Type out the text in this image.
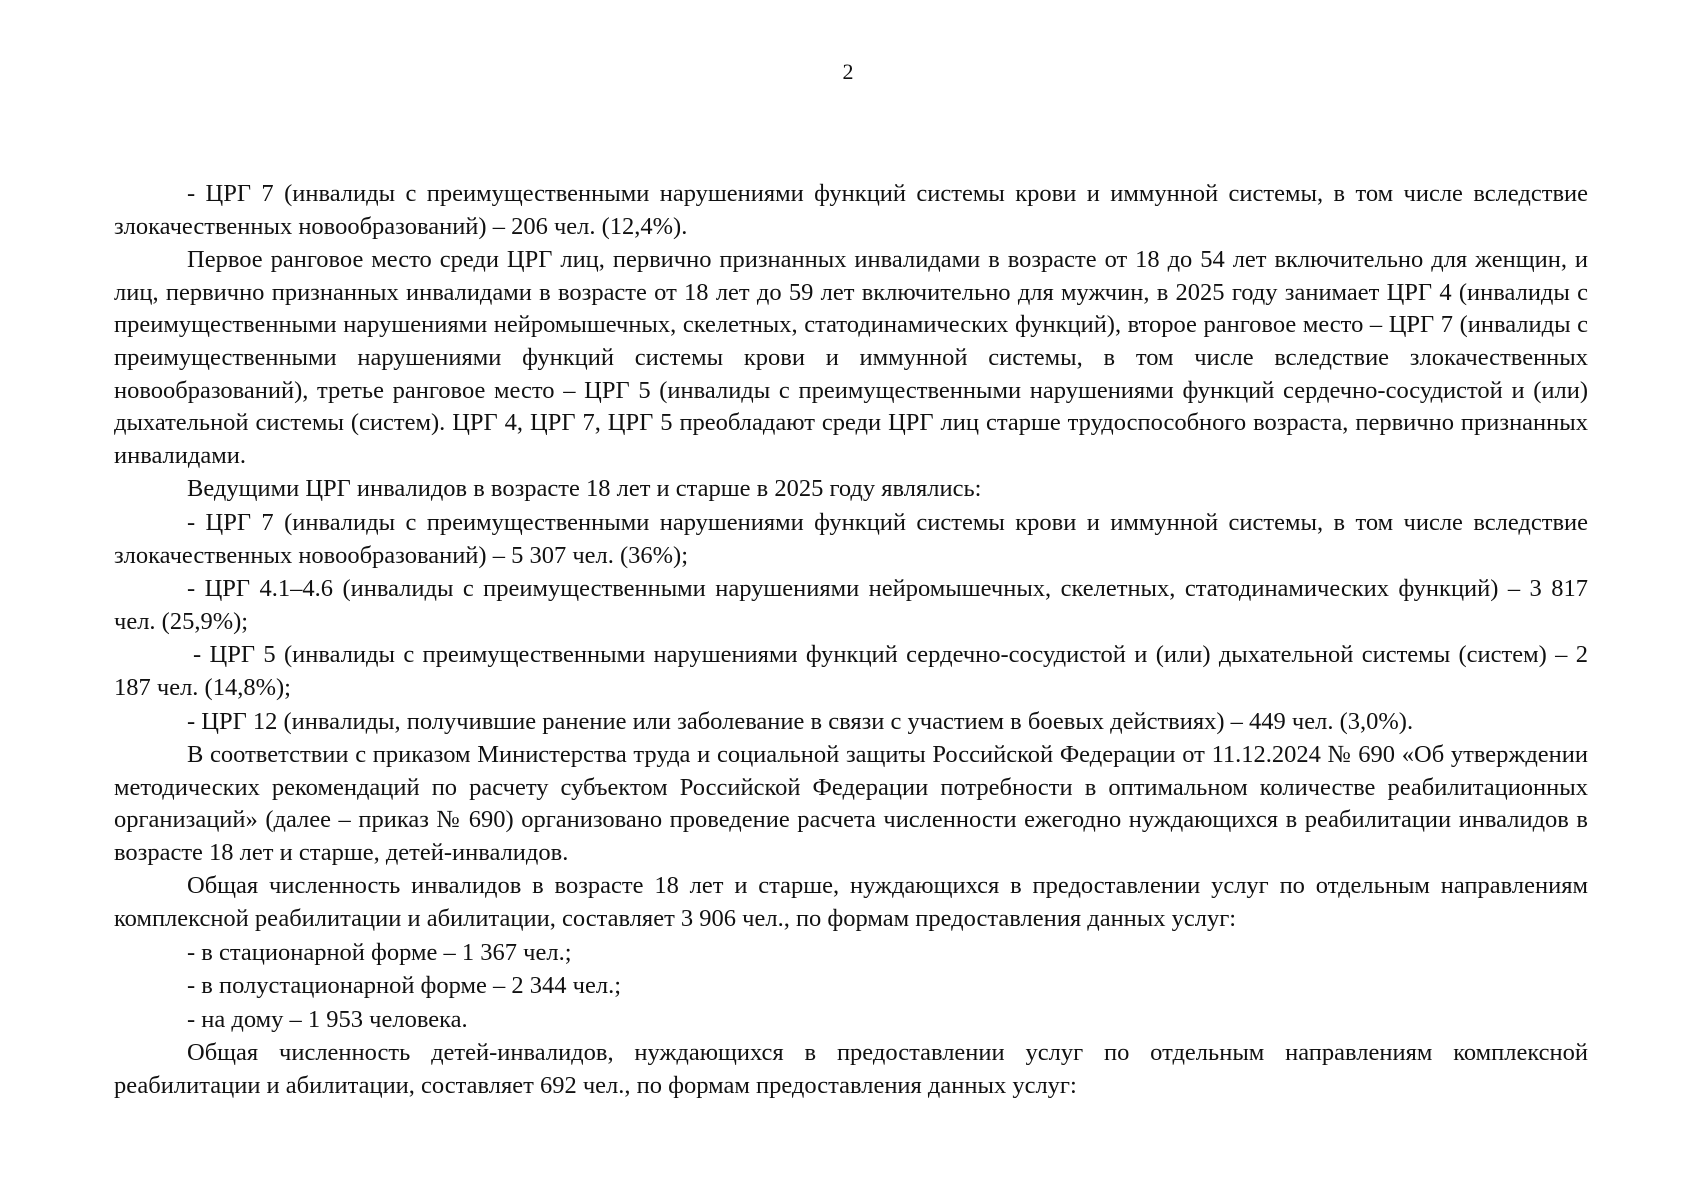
2

- ЦРГ 7 (инвалиды с преимущественными нарушениями функций системы крови и иммунной системы, в том числе вследствие злокачественных новообразований) – 206 чел. (12,4%).

Первое ранговое место среди ЦРГ лиц, первично признанных инвалидами в возрасте от 18 до 54 лет включительно для женщин, и лиц, первично признанных инвалидами в возрасте от 18 лет до 59 лет включительно для мужчин, в 2025 году занимает ЦРГ 4 (инвалиды с преимущественными нарушениями нейромышечных, скелетных, статодинамических функций), второе ранговое место – ЦРГ 7 (инвалиды с преимущественными нарушениями функций системы крови и иммунной системы, в том числе вследствие злокачественных новообразований), третье ранговое место – ЦРГ 5 (инвалиды с преимущественными нарушениями функций сердечно-сосудистой и (или) дыхательной системы (систем). ЦРГ 4, ЦРГ 7, ЦРГ 5 преобладают среди ЦРГ лиц старше трудоспособного возраста, первично признанных инвалидами.

Ведущими ЦРГ инвалидов в возрасте 18 лет и старше в 2025 году являлись:

- ЦРГ 7 (инвалиды с преимущественными нарушениями функций системы крови и иммунной системы, в том числе вследствие злокачественных новообразований) – 5 307 чел. (36%);

- ЦРГ 4.1–4.6 (инвалиды с преимущественными нарушениями нейромышечных, скелетных, статодинамических функций) – 3 817 чел. (25,9%);

- ЦРГ 5 (инвалиды с преимущественными нарушениями функций сердечно-сосудистой и (или) дыхательной системы (систем) – 2 187 чел. (14,8%);

- ЦРГ 12 (инвалиды, получившие ранение или заболевание в связи с участием в боевых действиях) – 449 чел. (3,0%).

В соответствии с приказом Министерства труда и социальной защиты Российской Федерации от 11.12.2024 № 690 «Об утверждении методических рекомендаций по расчету субъектом Российской Федерации потребности в оптимальном количестве реабилитационных организаций» (далее – приказ № 690) организовано проведение расчета численности ежегодно нуждающихся в реабилитации инвалидов в возрасте 18 лет и старше, детей-инвалидов.

Общая численность инвалидов в возрасте 18 лет и старше, нуждающихся в предоставлении услуг по отдельным направлениям комплексной реабилитации и абилитации, составляет 3 906 чел., по формам предоставления данных услуг:

- в стационарной форме – 1 367 чел.;

- в полустационарной форме – 2 344 чел.;

- на дому – 1 953 человека.

Общая численность детей-инвалидов, нуждающихся в предоставлении услуг по отдельным направлениям комплексной реабилитации и абилитации, составляет 692 чел., по формам предоставления данных услуг:
